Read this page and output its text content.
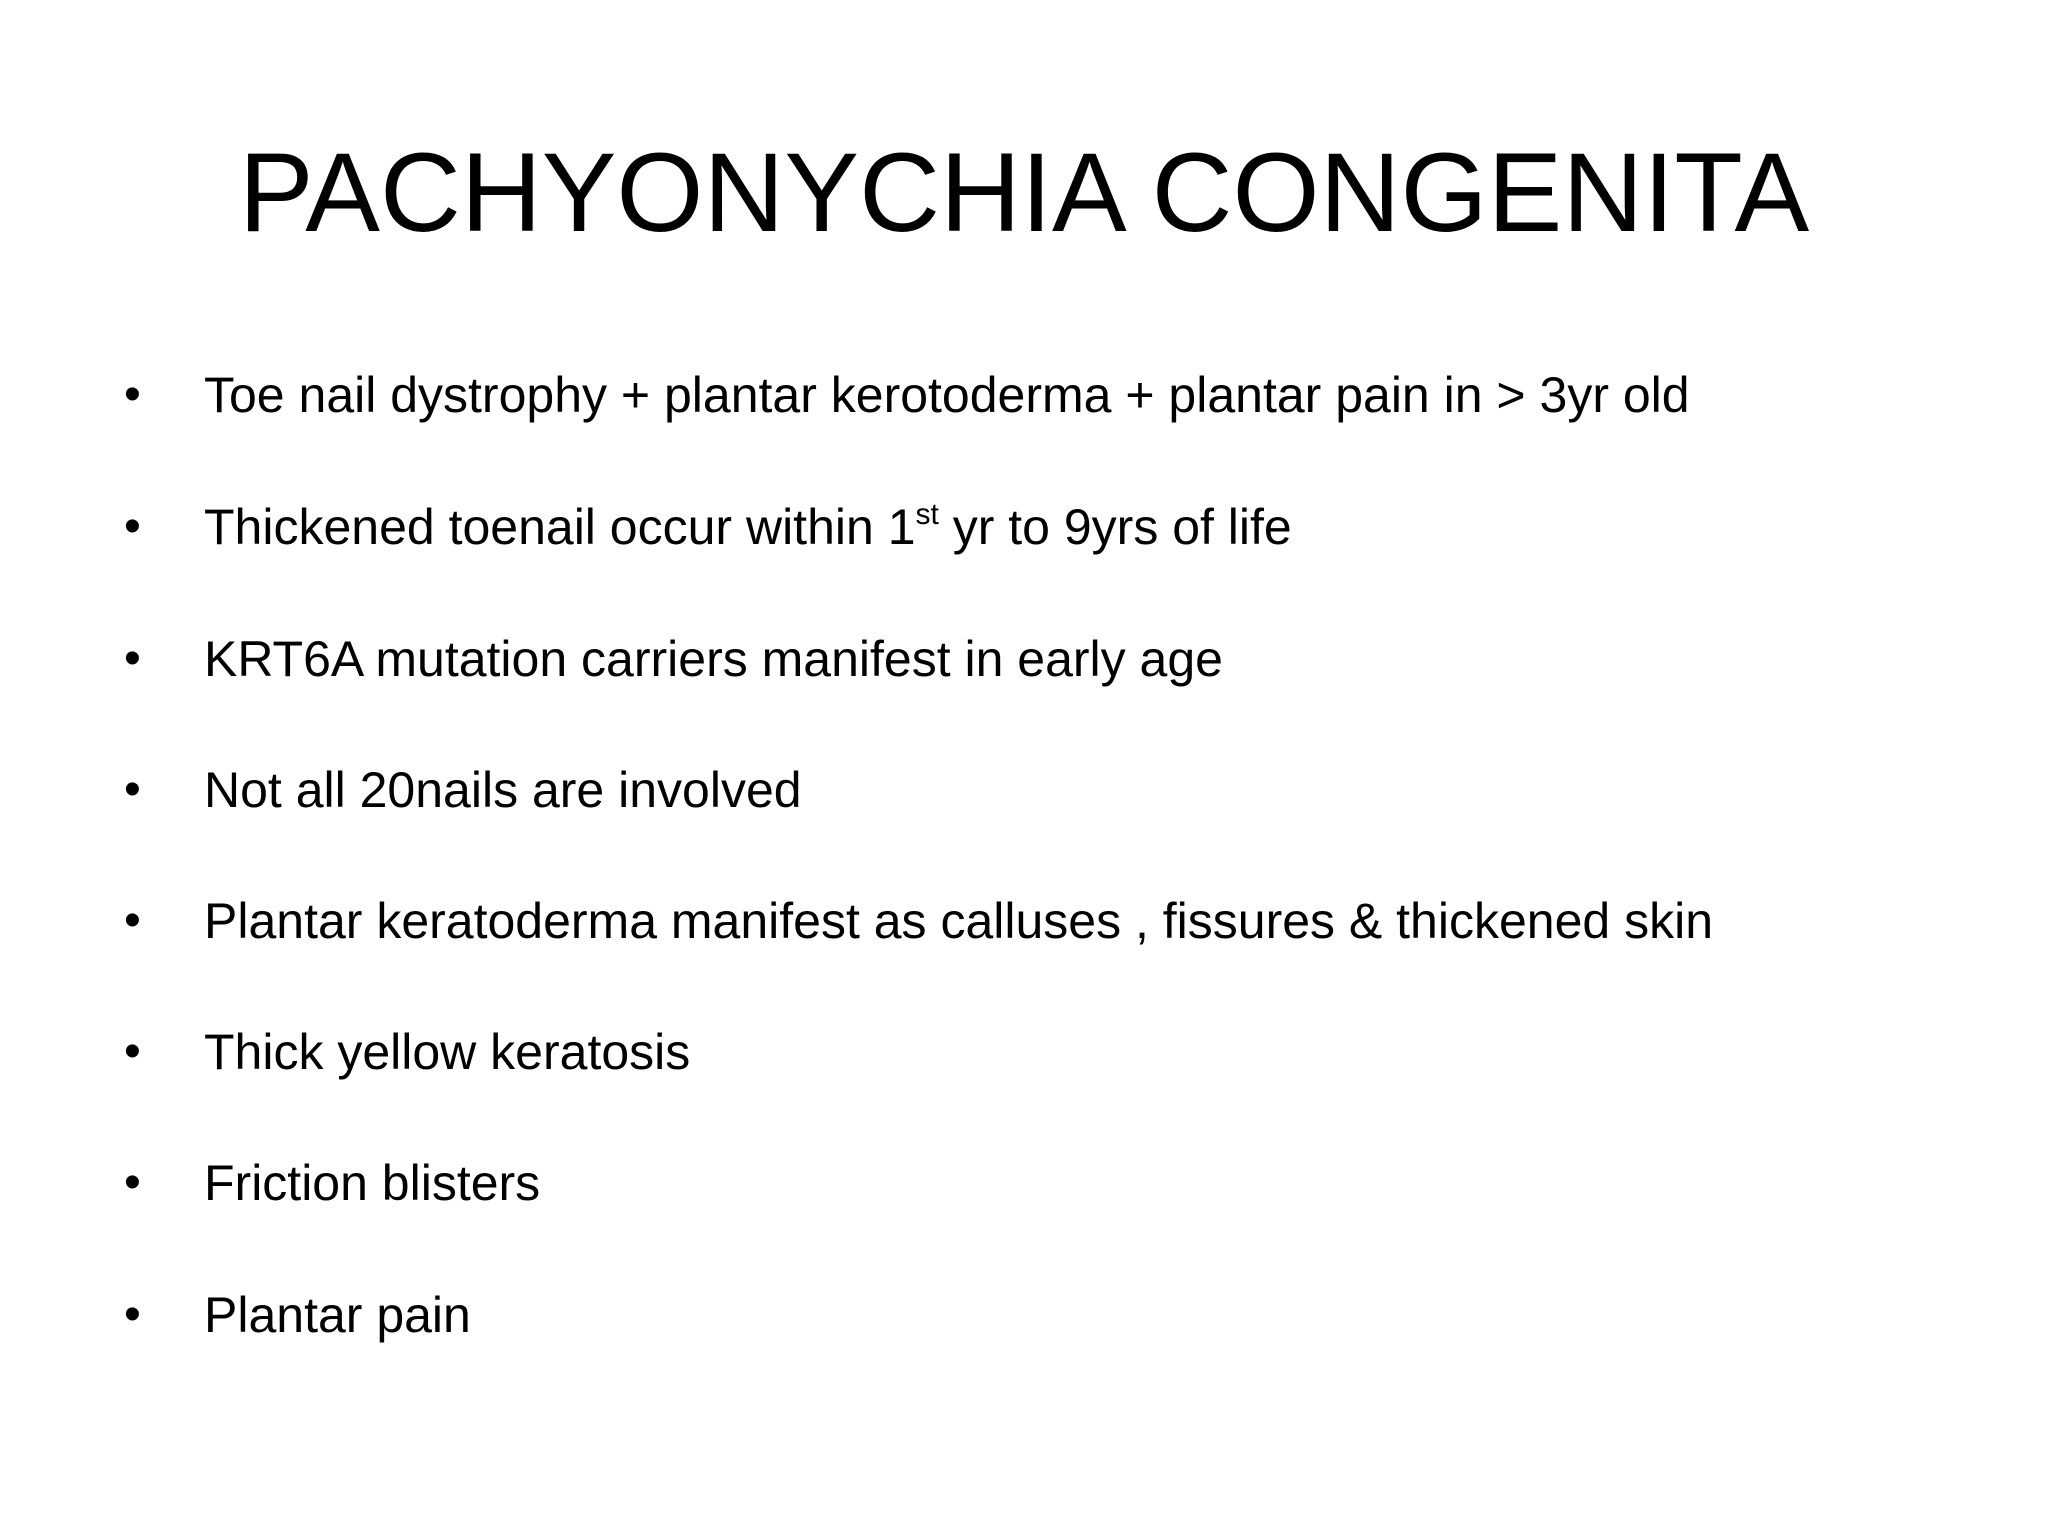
PACHYONYCHIA CONGENITA
• Toe nail dystrophy + plantar kerotoderma + plantar pain in > 3yr old
• Thickened toenail occur within 1st yr to 9yrs of life
• KRT6A mutation carriers manifest in early age
• Not all 20nails are involved
• Plantar keratoderma manifest as calluses , fissures & thickened skin
• Thick yellow keratosis
• Friction blisters
• Plantar pain
